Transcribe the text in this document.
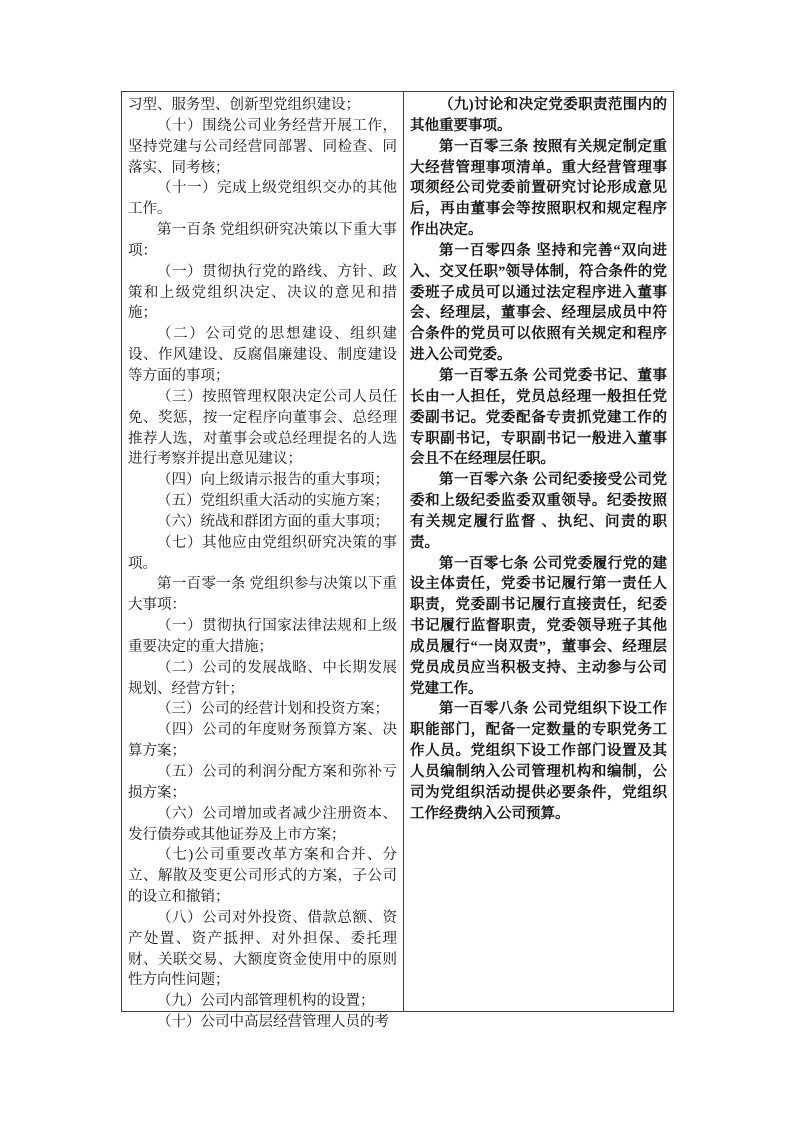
习型、服务型、创新型党组织建设；

（十）围绕公司业务经营开展工作，坚持党建与公司经营同部署、同检查、同落实、同考核；

（十一）完成上级党组织交办的其他工作。

第一百条 党组织研究决策以下重大事项：

（一）贯彻执行党的路线、方针、政策和上级党组织决定、决议的意见和措施；

（二）公司党的思想建设、组织建设、作风建设、反腐倡廉建设、制度建设等方面的事项；

（三）按照管理权限决定公司人员任免、奖惩，按一定程序向董事会、总经理推荐人选，对董事会或总经理提名的人选进行考察并提出意见建议；

（四）向上级请示报告的重大事项；

（五）党组织重大活动的实施方案；

（六）统战和群团方面的重大事项；

（七）其他应由党组织研究决策的事项。

第一百零一条 党组织参与决策以下重大事项：

（一）贯彻执行国家法律法规和上级重要决定的重大措施；

（二）公司的发展战略、中长期发展规划、经营方针；

（三）公司的经营计划和投资方案；

（四）公司的年度财务预算方案、决算方案；

（五）公司的利润分配方案和弥补亏损方案；

（六）公司增加或者减少注册资本、发行债券或其他证券及上市方案；

（七)公司重要改革方案和合并、分立、解散及变更公司形式的方案，子公司的设立和撤销；

（八）公司对外投资、借款总额、资产处置、资产抵押、对外担保、委托理财、关联交易、大额度资金使用中的原则性方向性问题；

（九）公司内部管理机构的设置；

（十）公司中高层经营管理人员的考

（九)讨论和决定党委职责范围内的其他重要事项。

第一百零三条 按照有关规定制定重大经营管理事项清单。重大经营管理事项须经公司党委前置研究讨论形成意见后，再由董事会等按照职权和规定程序作出决定。

第一百零四条 坚持和完善“双向进入、交叉任职”领导体制，符合条件的党委班子成员可以通过法定程序进入董事会、经理层，董事会、经理层成员中符合条件的党员可以依照有关规定和程序进入公司党委。

第一百零五条 公司党委书记、董事长由一人担任，党员总经理一般担任党委副书记。党委配备专责抓党建工作的专职副书记，专职副书记一般进入董事会且不在经理层任职。

第一百零六条 公司纪委接受公司党委和上级纪委监委双重领导。纪委按照有关规定履行监督 、执纪、问责的职责。

第一百零七条 公司党委履行党的建设主体责任，党委书记履行第一责任人职责，党委副书记履行直接责任，纪委书记履行监督职责，党委领导班子其他成员履行“一岗双责”，董事会、经理层党员成员应当积极支持、主动参与公司党建工作。

第一百零八条 公司党组织下设工作职能部门，配备一定数量的专职党务工作人员。党组织下设工作部门设置及其人员编制纳入公司管理机构和编制，公司为党组织活动提供必要条件，党组织工作经费纳入公司预算。
